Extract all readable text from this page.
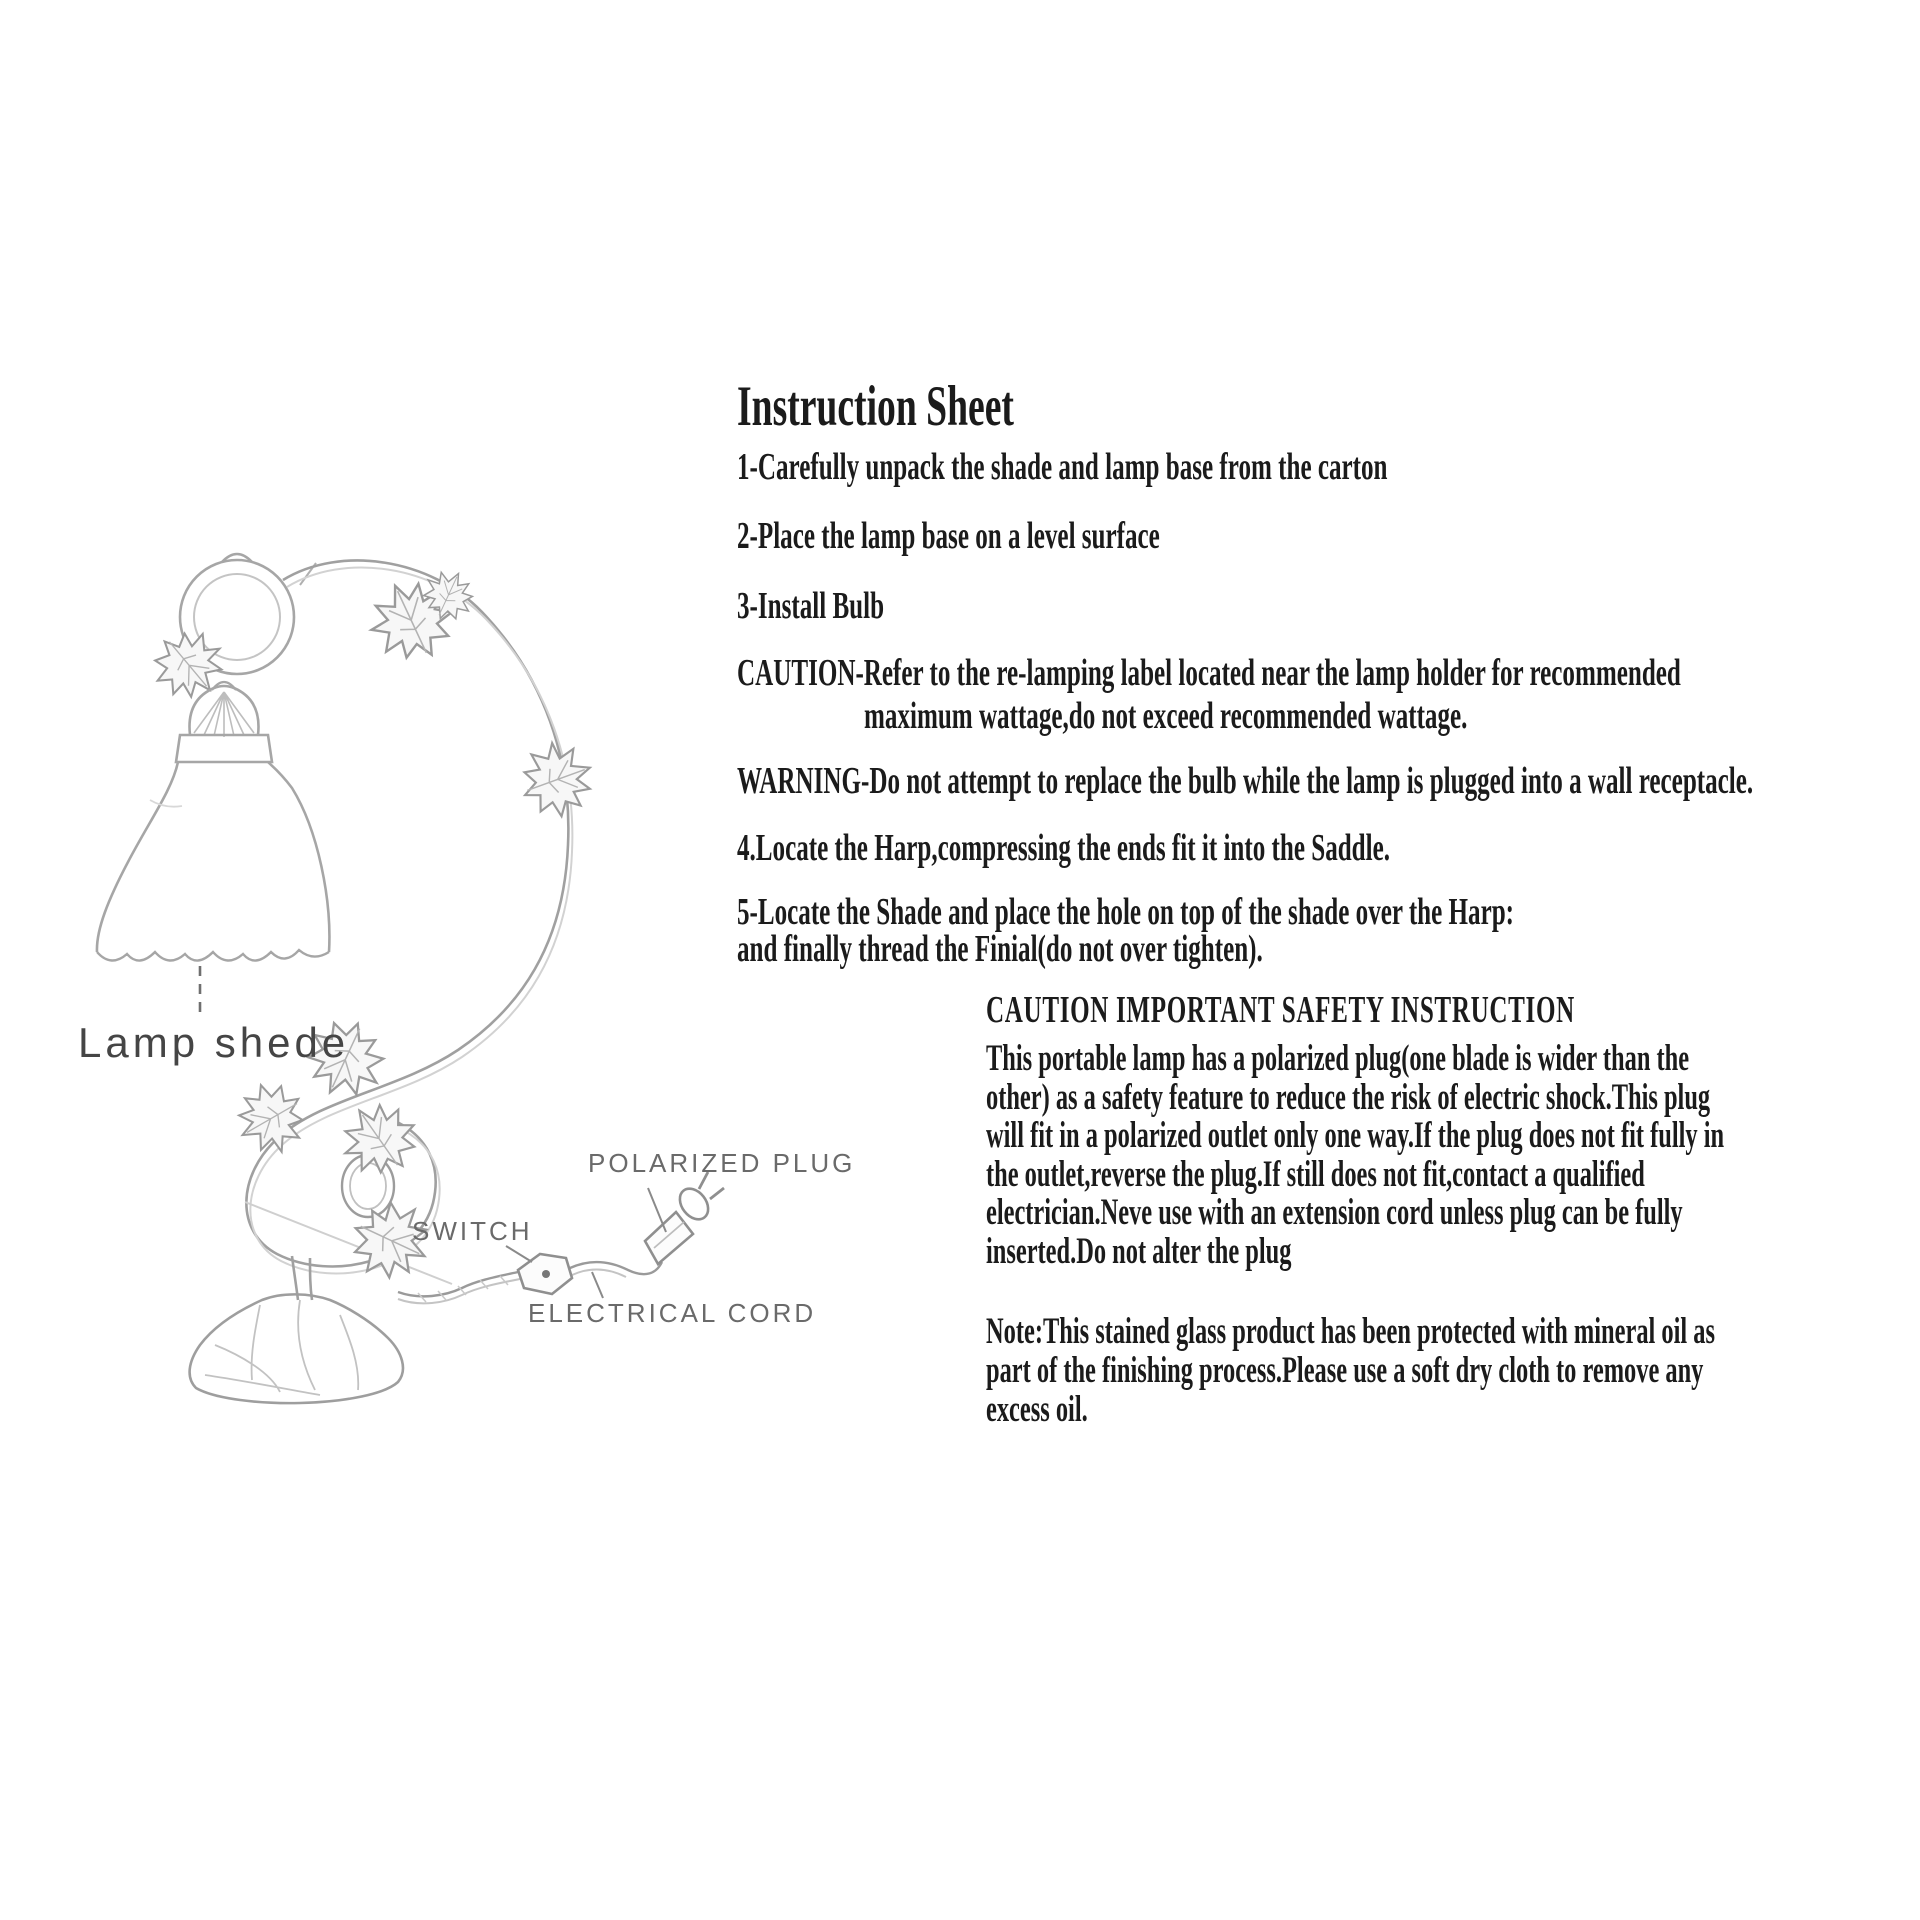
Lamp shede
POLARIZED PLUG
SWITCH
ELECTRICAL CORD
Instruction Sheet
1-Carefully unpack the shade and lamp base from the carton
2-Place the lamp base on a level surface
3-Install Bulb
CAUTION-Refer to the re-lamping label located near the lamp holder for recommended
maximum wattage,do not exceed recommended wattage.
WARNING-Do not attempt to replace the bulb while the lamp is plugged into a wall receptacle.
4.Locate the Harp,compressing the ends fit it into the Saddle.
5-Locate the Shade and place the hole on top of the shade over the Harp:
and finally thread the Finial(do not over tighten).
CAUTION IMPORTANT SAFETY INSTRUCTION
This portable lamp has a polarized plug(one blade is wider than the
other) as a safety feature to reduce the risk of electric shock.This plug
will fit in a polarized outlet only one way.If the plug does not fit fully in
the outlet,reverse the plug.If still does not fit,contact a qualified
electrician.Neve use with an extension cord unless plug can be fully
inserted.Do not alter the plug
Note:This stained glass product has been protected with mineral oil as
part of the finishing process.Please use a soft dry cloth to remove any
excess oil.
